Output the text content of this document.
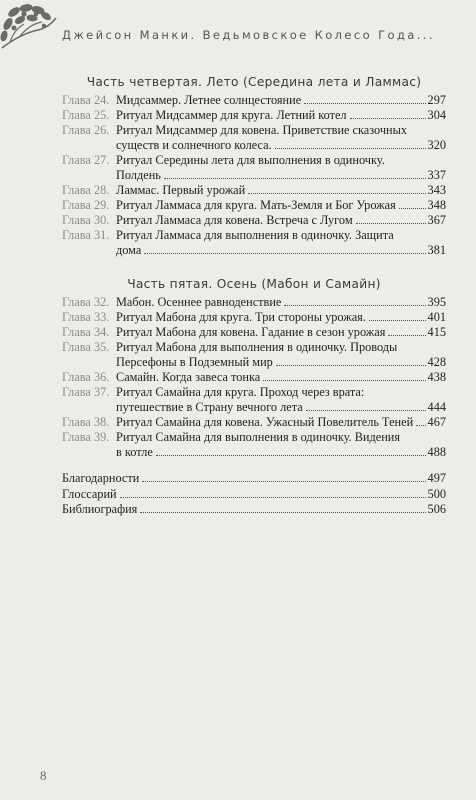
Джейсон Манки. Ведьмовское Колесо Года...
Часть четвертая. Лето (Середина лета и Ламмас)
Глава 24. Мидсаммер. Летнее солнцестояние	297
Глава 25. Ритуал Мидсаммер для круга. Летний котел	304
Глава 26. Ритуал Мидсаммер для ковена. Приветствие сказочных
существ и солнечного колеса.	320
Глава 27. Ритуал Середины лета для выполнения в одиночку.
Полдень	337
Глава 28. Ламмас. Первый урожай	343
Глава 29. Ритуал Ламмаса для круга. Мать-Земля и Бог Урожая	348
Глава 30. Ритуал Ламмаса для ковена. Встреча с Лугом	367
Глава 31. Ритуал Ламмаса для выполнения в одиночку. Защита
дома	381
Часть пятая. Осень (Мабон и Самайн)
Глава 32. Мабон. Осеннее равноденствие	395
Глава 33. Ритуал Мабона для круга. Три стороны урожая.	401
Глава 34. Ритуал Мабона для ковена. Гадание в сезон урожая	415
Глава 35. Ритуал Мабона для выполнения в одиночку. Проводы
Персефоны в Подземный мир	428
Глава 36. Самайн. Когда завеса тонка	438
Глава 37. Ритуал Самайна для круга. Проход через врата:
путешествие в Страну вечного лета	444
Глава 38. Ритуал Самайна для ковена. Ужасный Повелитель Теней 467
Глава 39. Ритуал Самайна для выполнения в одиночку. Видения
в котле	488
Благодарности	497
Глоссарий	500
Библиография	506
8
